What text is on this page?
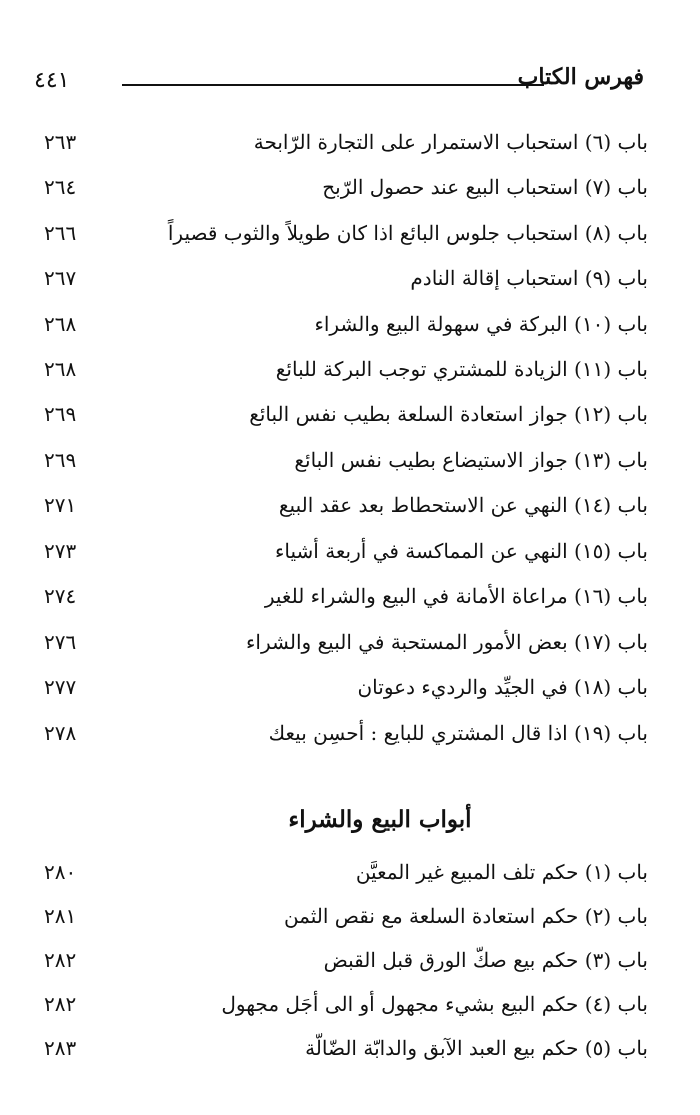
٤٤١	فهرس الكتاب
باب (٦) استحباب الاستمرار على التجارة الرّابحة
٢٦٣
باب (٧) استحباب البيع عند حصول الرّبح
٢٦٤
باب (٨) استحباب جلوس البائع اذا كان طويلاً والثوب قصيراً
٢٦٦
باب (٩) استحباب إقالة النادم
٢٦٧
باب (١٠) البركة في سهولة البيع والشراء
٢٦٨
باب (١١) الزيادة للمشتري توجب البركة للبائع
٢٦٨
باب (١٢) جواز استعادة السلعة بطيب نفس البائع
٢٦٩
باب (١٣) جواز الاستيضاع بطيب نفس البائع
٢٦٩
باب (١٤) النهي عن الاستحطاط بعد عقد البيع
٢٧١
باب (١٥) النهي عن المماكسة في أربعة أشياء
٢٧٣
باب (١٦) مراعاة الأمانة في البيع والشراء للغير
٢٧٤
باب (١٧) بعض الأمور المستحبة في البيع والشراء
٢٧٦
باب (١٨) في الجيِّد والرديء دعوتان
٢٧٧
باب (١٩) اذا قال المشتري للبايع : أحسِن بيعك
٢٧٨
أبواب البيع والشراء
باب (١) حكم تلف المبيع غير المعيَّن
٢٨٠
باب (٢) حكم استعادة السلعة مع نقص الثمن
٢٨١
باب (٣) حكم بيع صكّ الورق قبل القبض
٢٨٢
باب (٤) حكم البيع بشيء مجهول أو الى أجَل مجهول
٢٨٢
باب (٥) حكم بيع العبد الآبق والدابّة الضّالّة
٢٨٣
